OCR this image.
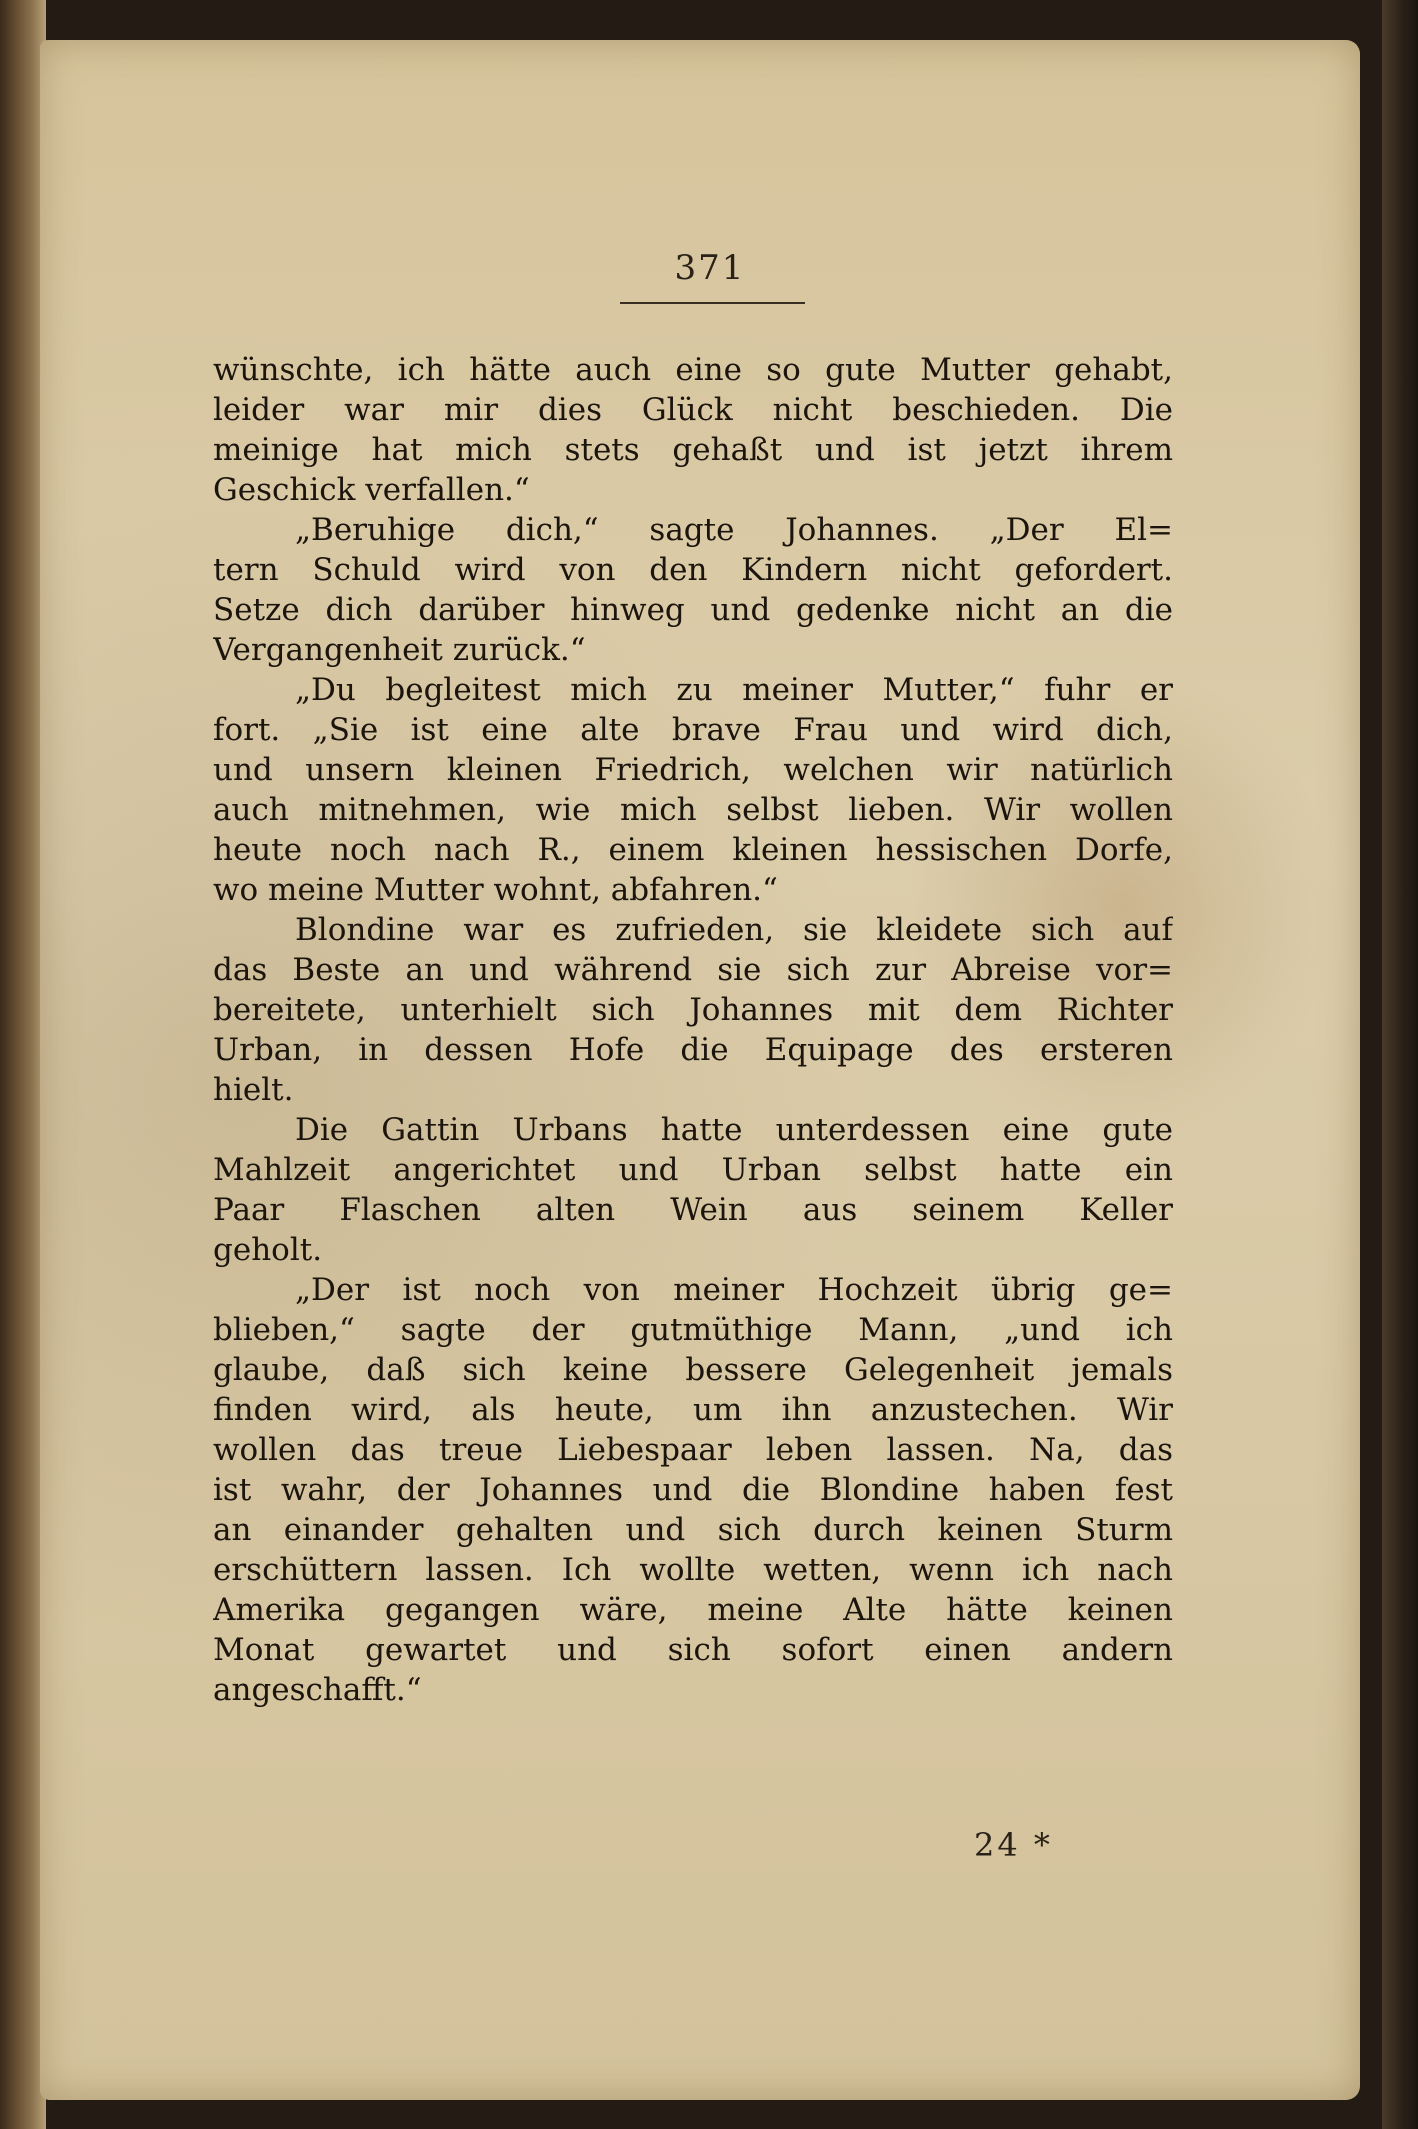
371
wünschte, ich hätte auch eine so gute Mutter gehabt,
leider war mir dies Glück nicht beschieden. Die
meinige hat mich stets gehaßt und ist jetzt ihrem
Geschick verfallen.“
„Beruhige dich,“ sagte Johannes. „Der El=
tern Schuld wird von den Kindern nicht gefordert.
Setze dich darüber hinweg und gedenke nicht an die
Vergangenheit zurück.“
„Du begleitest mich zu meiner Mutter,“ fuhr er
fort. „Sie ist eine alte brave Frau und wird dich,
und unsern kleinen Friedrich, welchen wir natürlich
auch mitnehmen, wie mich selbst lieben. Wir wollen
heute noch nach R., einem kleinen hessischen Dorfe,
wo meine Mutter wohnt, abfahren.“
Blondine war es zufrieden, sie kleidete sich auf
das Beste an und während sie sich zur Abreise vor=
bereitete, unterhielt sich Johannes mit dem Richter
Urban, in dessen Hofe die Equipage des ersteren
hielt.
Die Gattin Urbans hatte unterdessen eine gute
Mahlzeit angerichtet und Urban selbst hatte ein
Paar Flaschen alten Wein aus seinem Keller
geholt.
„Der ist noch von meiner Hochzeit übrig ge=
blieben,“ sagte der gutmüthige Mann, „und ich
glaube, daß sich keine bessere Gelegenheit jemals
finden wird, als heute, um ihn anzustechen. Wir
wollen das treue Liebespaar leben lassen. Na, das
ist wahr, der Johannes und die Blondine haben fest
an einander gehalten und sich durch keinen Sturm
erschüttern lassen. Ich wollte wetten, wenn ich nach
Amerika gegangen wäre, meine Alte hätte keinen
Monat gewartet und sich sofort einen andern
angeschafft.“
24 *
